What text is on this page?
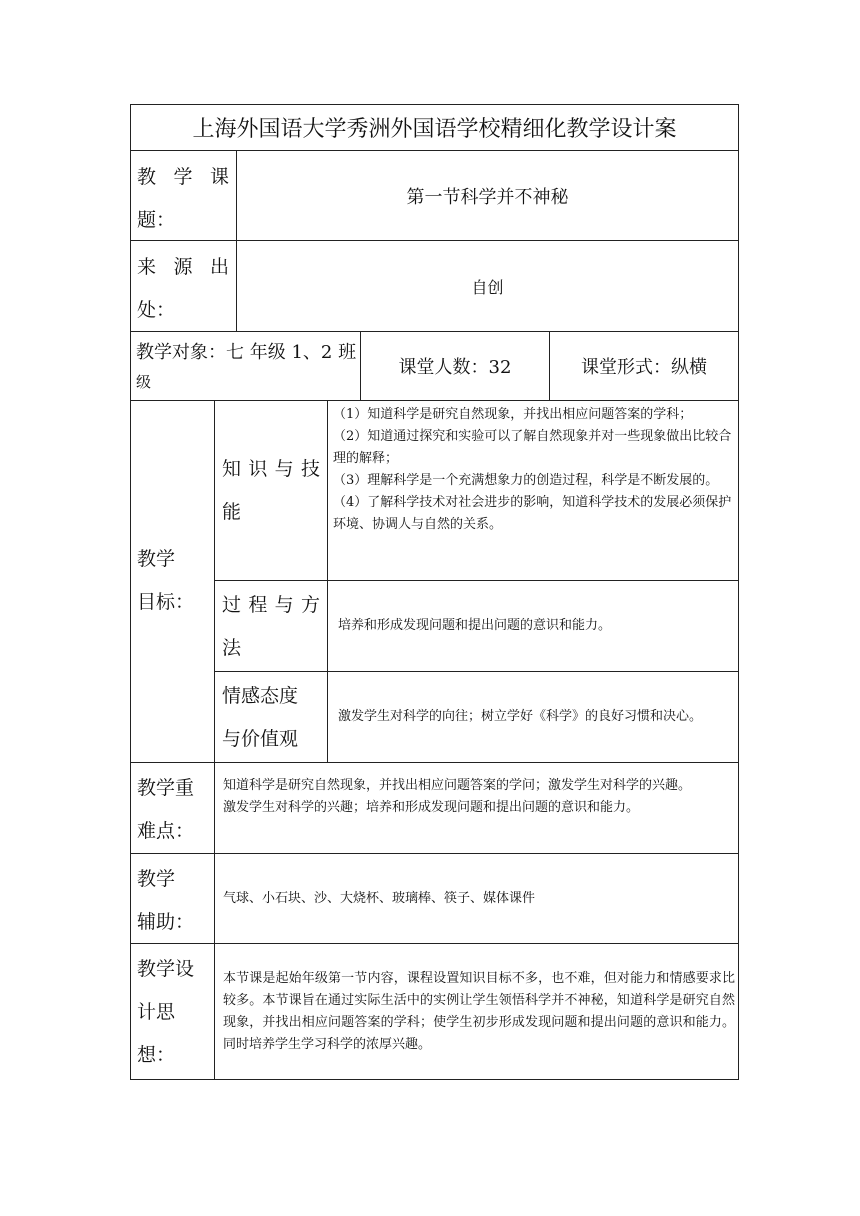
上海外国语大学秀洲外国语学校精细化教学设计案
教 学 课
题：
第一节科学并不神秘
来 源 出
处：
自创
教学对象：七 年级 1、2 班
级
课堂人数：32	课堂形式：纵横
教学
目标：
知 识 与 技
能
（1）知道科学是研究自然现象，并找出相应问题答案的学科；
（2）知道通过探究和实验可以了解自然现象并对一些现象做出比较合理的解释；
（3）理解科学是一个充满想象力的创造过程，科学是不断发展的。
（4）了解科学技术对社会进步的影响，知道科学技术的发展必须保护环境、协调人与自然的关系。
过 程 与 方
法
培养和形成发现问题和提出问题的意识和能力。
情感态度
与价值观
激发学生对科学的向往；树立学好《科学》的良好习惯和决心。
教学重
难点：
知道科学是研究自然现象，并找出相应问题答案的学问；激发学生对科学的兴趣。
激发学生对科学的兴趣；培养和形成发现问题和提出问题的意识和能力。
教学
辅助：
气球、小石块、沙、大烧杯、玻璃棒、筷子、媒体课件
教学设
计思
想：
本节课是起始年级第一节内容，课程设置知识目标不多，也不难，但对能力和情感要求比较多。本节课旨在通过实际生活中的实例让学生领悟科学并不神秘，知道科学是研究自然现象，并找出相应问题答案的学科；使学生初步形成发现问题和提出问题的意识和能力。同时培养学生学习科学的浓厚兴趣。
